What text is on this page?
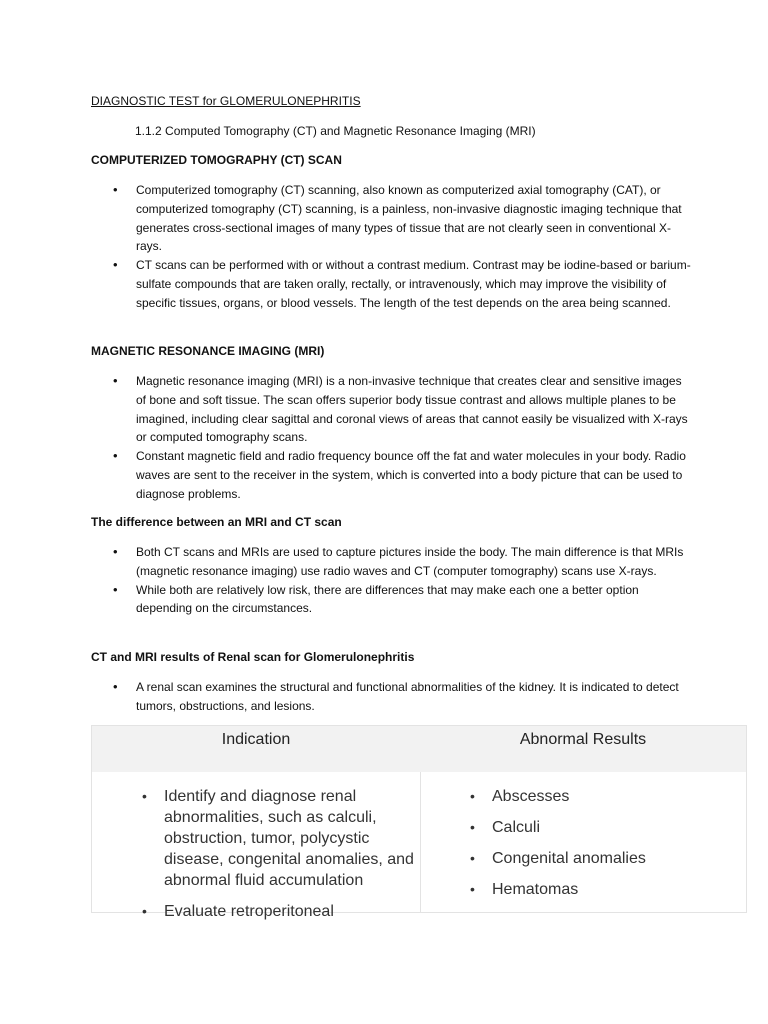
DIAGNOSTIC TEST for GLOMERULONEPHRITIS

1.1.2 Computed Tomography (CT) and Magnetic Resonance Imaging (MRI)

COMPUTERIZED TOMOGRAPHY (CT) SCAN
• Computerized tomography (CT) scanning, also known as computerized axial tomography (CAT), or computerized tomography (CT) scanning, is a painless, non-invasive diagnostic imaging technique that generates cross-sectional images of many types of tissue that are not clearly seen in conventional X-rays.
• CT scans can be performed with or without a contrast medium. Contrast may be iodine-based or barium-sulfate compounds that are taken orally, rectally, or intravenously, which may improve the visibility of specific tissues, organs, or blood vessels. The length of the test depends on the area being scanned.
MAGNETIC RESONANCE IMAGING (MRI)
• Magnetic resonance imaging (MRI) is a non-invasive technique that creates clear and sensitive images of bone and soft tissue. The scan offers superior body tissue contrast and allows multiple planes to be imagined, including clear sagittal and coronal views of areas that cannot easily be visualized with X-rays or computed tomography scans.
• Constant magnetic field and radio frequency bounce off the fat and water molecules in your body. Radio waves are sent to the receiver in the system, which is converted into a body picture that can be used to diagnose problems.
The difference between an MRI and CT scan
• Both CT scans and MRIs are used to capture pictures inside the body. The main difference is that MRIs (magnetic resonance imaging) use radio waves and CT (computer tomography) scans use X-rays.
• While both are relatively low risk, there are differences that may make each one a better option depending on the circumstances.
CT and MRI results of Renal scan for Glomerulonephritis
• A renal scan examines the structural and functional abnormalities of the kidney. It is indicated to detect tumors, obstructions, and lesions.
Indication	Abnormal Results
• Identify and diagnose renal abnormalities, such as calculi, obstruction, tumor, polycystic disease, congenital anomalies, and abnormal fluid accumulation
• Evaluate retroperitoneal
• Abscesses
• Calculi
• Congenital anomalies
• Hematomas
